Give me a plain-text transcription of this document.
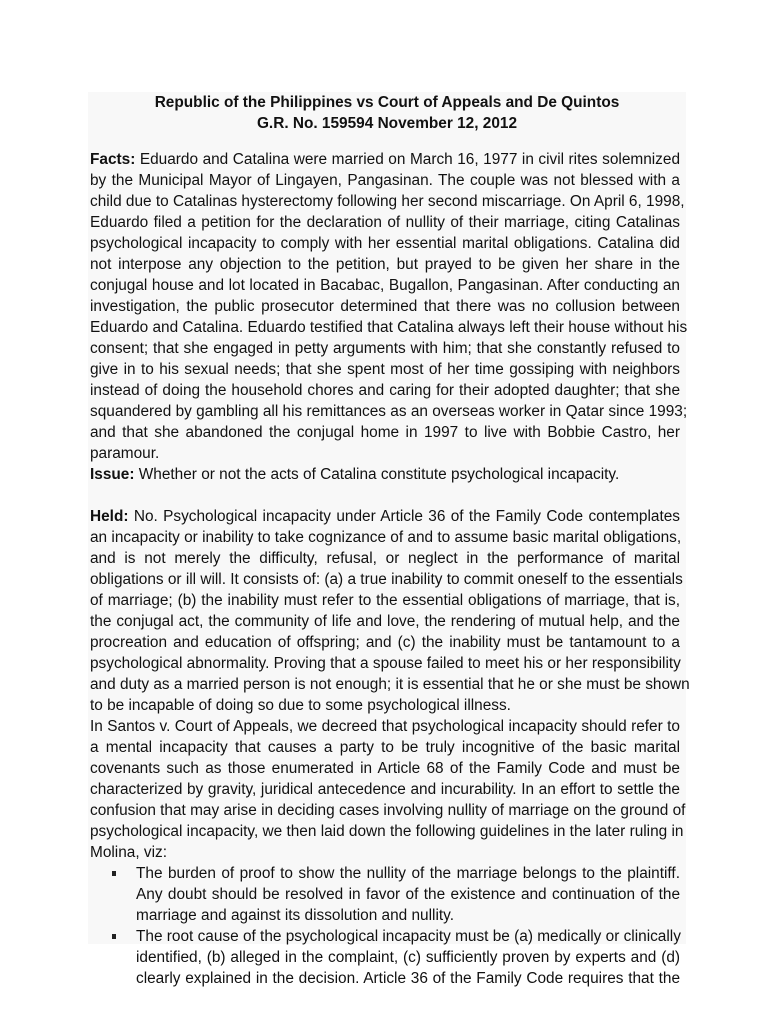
Republic of the Philippines vs Court of Appeals and De Quintos
G.R. No. 159594 November 12, 2012
Facts: Eduardo and Catalina were married on March 16, 1977 in civil rites solemnized
by the Municipal Mayor of Lingayen, Pangasinan. The couple was not blessed with a
child due to Catalinas hysterectomy following her second miscarriage. On April 6, 1998,
Eduardo filed a petition for the declaration of nullity of their marriage, citing Catalinas
psychological incapacity to comply with her essential marital obligations. Catalina did
not interpose any objection to the petition, but prayed to be given her share in the
conjugal house and lot located in Bacabac, Bugallon, Pangasinan. After conducting an
investigation, the public prosecutor determined that there was no collusion between
Eduardo and Catalina. Eduardo testified that Catalina always left their house without his
consent; that she engaged in petty arguments with him; that she constantly refused to
give in to his sexual needs; that she spent most of her time gossiping with neighbors
instead of doing the household chores and caring for their adopted daughter; that she
squandered by gambling all his remittances as an overseas worker in Qatar since 1993;
and that she abandoned the conjugal home in 1997 to live with Bobbie Castro, her
paramour.
Issue: Whether or not the acts of Catalina constitute psychological incapacity.
Held: No. Psychological incapacity under Article 36 of the Family Code contemplates
an incapacity or inability to take cognizance of and to assume basic marital obligations,
and is not merely the difficulty, refusal, or neglect in the performance of marital
obligations or ill will. It consists of: (a) a true inability to commit oneself to the essentials
of marriage; (b) the inability must refer to the essential obligations of marriage, that is,
the conjugal act, the community of life and love, the rendering of mutual help, and the
procreation and education of offspring; and (c) the inability must be tantamount to a
psychological abnormality. Proving that a spouse failed to meet his or her responsibility
and duty as a married person is not enough; it is essential that he or she must be shown
to be incapable of doing so due to some psychological illness.
In Santos v. Court of Appeals, we decreed that psychological incapacity should refer to
a mental incapacity that causes a party to be truly incognitive of the basic marital
covenants such as those enumerated in Article 68 of the Family Code and must be
characterized by gravity, juridical antecedence and incurability. In an effort to settle the
confusion that may arise in deciding cases involving nullity of marriage on the ground of
psychological incapacity, we then laid down the following guidelines in the later ruling in
Molina, viz:
The burden of proof to show the nullity of the marriage belongs to the plaintiff.
Any doubt should be resolved in favor of the existence and continuation of the
marriage and against its dissolution and nullity.
The root cause of the psychological incapacity must be (a) medically or clinically
identified, (b) alleged in the complaint, (c) sufficiently proven by experts and (d)
clearly explained in the decision. Article 36 of the Family Code requires that the
